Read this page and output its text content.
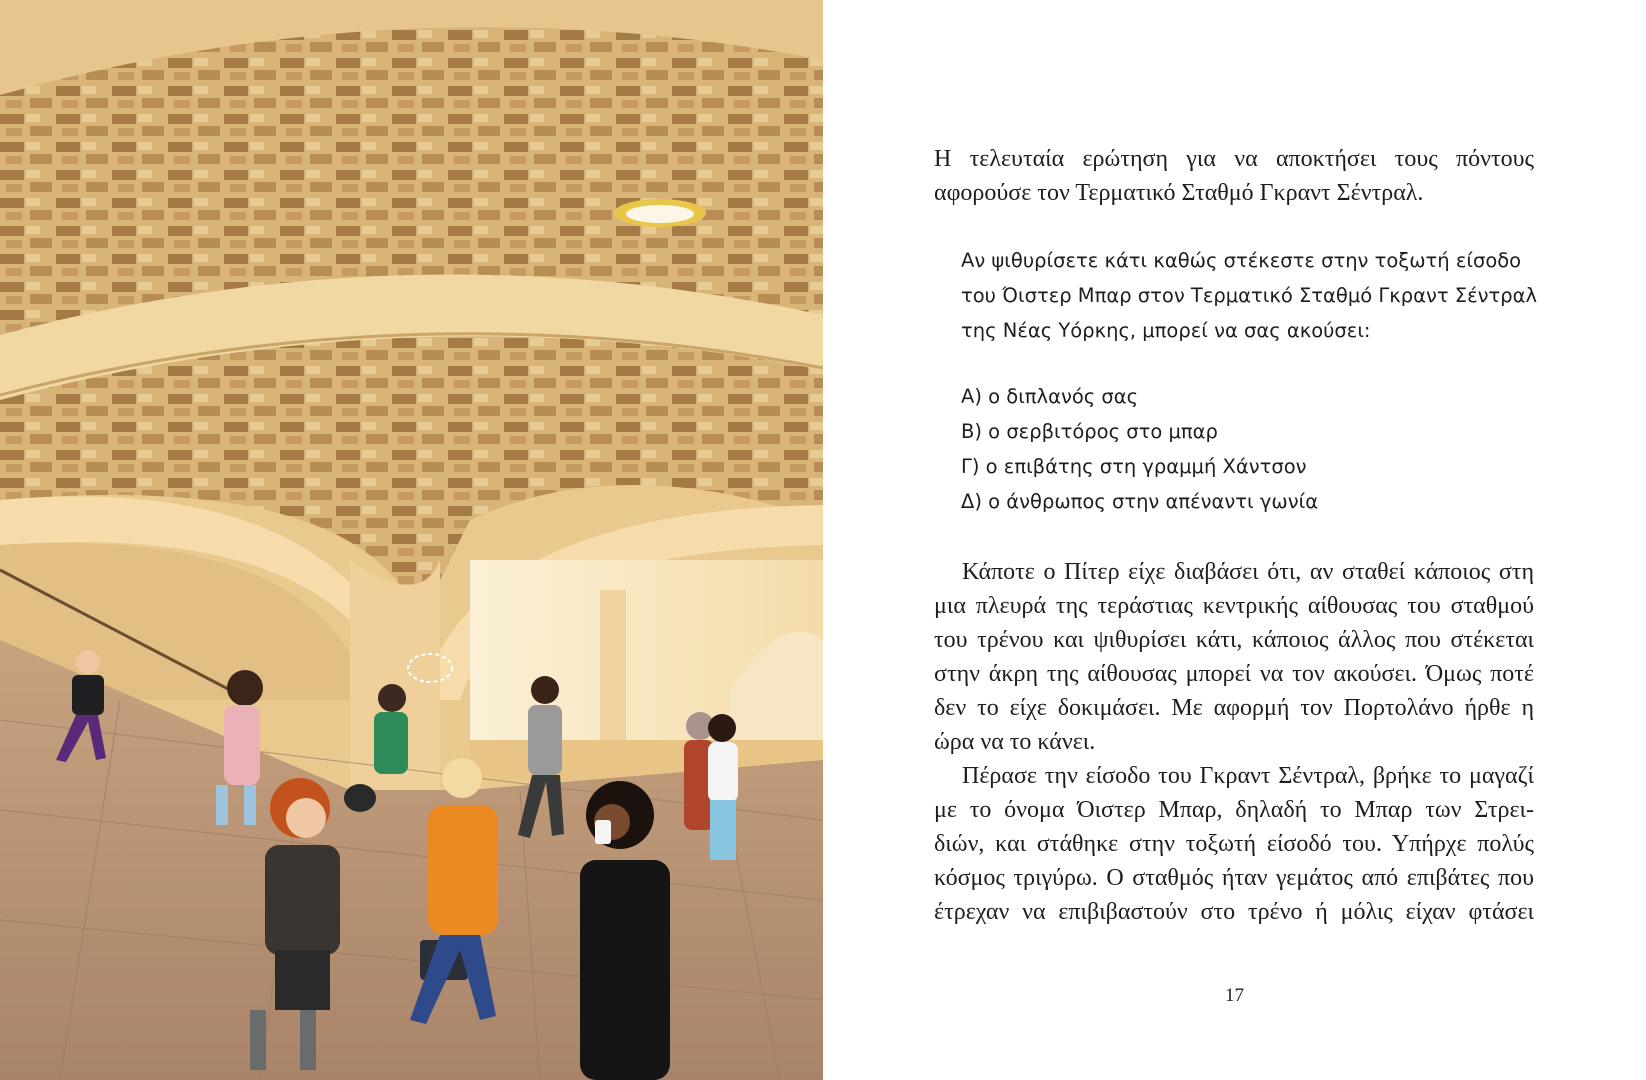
Η τελευταία ερώτηση για να αποκτήσει τους πόντους
αφορούσε τον Τερματικό Σταθμό Γκραντ Σέντραλ.

Αν ψιθυρίσετε κάτι καθώς στέκεστε στην τοξωτή είσοδο
του Όιστερ Μπαρ στον Τερματικό Σταθμό Γκραντ Σέντραλ
της Νέας Υόρκης, μπορεί να σας ακούσει:

Α) ο διπλανός σας
Β) ο σερβιτόρος στο μπαρ
Γ) ο επιβάτης στη γραμμή Χάντσον
Δ) ο άνθρωπος στην απέναντι γωνία

Κάποτε ο Πίτερ είχε διαβάσει ότι, αν σταθεί κάποιος στη
μια πλευρά της τεράστιας κεντρικής αίθουσας του σταθμού
του τρένου και ψιθυρίσει κάτι, κάποιος άλλος που στέκεται
στην άκρη της αίθουσας μπορεί να τον ακούσει. Όμως ποτέ
δεν το είχε δοκιμάσει. Με αφορμή τον Πορτολάνο ήρθε η
ώρα να το κάνει.

Πέρασε την είσοδο του Γκραντ Σέντραλ, βρήκε το μαγαζί
με το όνομα Όιστερ Μπαρ, δηλαδή το Μπαρ των Στρει-
διών, και στάθηκε στην τοξωτή είσοδό του. Υπήρχε πολύς
κόσμος τριγύρω. Ο σταθμός ήταν γεμάτος από επιβάτες που
έτρεχαν να επιβιβαστούν στο τρένο ή μόλις είχαν φτάσει

17
